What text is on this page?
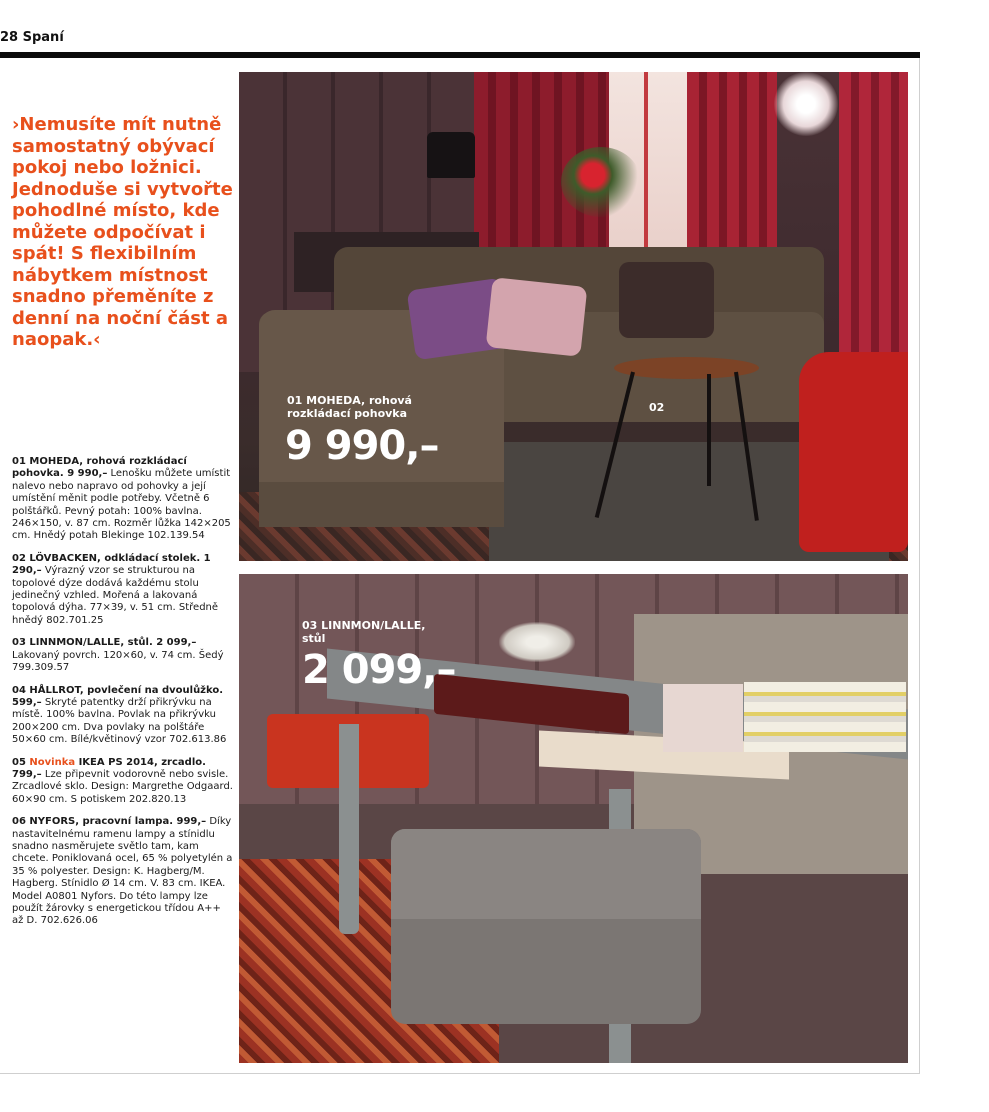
28 Spaní
›Nemusíte mít nutně samostatný obývací pokoj nebo ložnici. Jednoduše si vytvořte pohodlné místo, kde můžete odpočívat i spát! S flexibilním nábytkem místnost snadno přeměníte z denní na noční část a naopak.‹
01 MOHEDA, rohová rozkládací pohovka. 9 990,– Lenošku můžete umístit nalevo nebo napravo od pohovky a její umístění měnit podle potřeby. Včetně 6 polštářků. Pevný potah: 100% bavlna. 246×150, v. 87 cm. Rozměr lůžka 142×205 cm. Hnědý potah Blekinge 102.139.54
02 LÖVBACKEN, odkládací stolek. 1 290,– Výrazný vzor se strukturou na topolové dýze dodává každému stolu jedinečný vzhled. Mořená a lakovaná topolová dýha. 77×39, v. 51 cm. Středně hnědý 802.701.25
03 LINNMON/LALLE, stůl. 2 099,– Lakovaný povrch. 120×60, v. 74 cm. Šedý 799.309.57
04 HÅLLROT, povlečení na dvoulůžko. 599,– Skryté patentky drží přikrývku na místě. 100% bavlna. Povlak na přikrývku 200×200 cm. Dva povlaky na polštáře 50×60 cm. Bílé/květinový vzor 702.613.86
05 Novinka IKEA PS 2014, zrcadlo. 799,– Lze připevnit vodorovně nebo svisle. Zrcadlové sklo. Design: Margrethe Odgaard. 60×90 cm. S potiskem 202.820.13
06 NYFORS, pracovní lampa. 999,– Díky nastavitelnému ramenu lampy a stínidlu snadno nasměrujete světlo tam, kam chcete. Poniklovaná ocel, 65 % polyetylén a 35 % polyester. Design: K. Hagberg/M. Hagberg. Stínidlo Ø 14 cm. V. 83 cm. IKEA. Model A0801 Nyfors. Do této lampy lze použít žárovky s energetickou třídou A++ až D. 702.626.06
01 MOHEDA, rohová rozkládací pohovka
9 990,–
02
03 LINNMON/LALLE, stůl
2 099,–
